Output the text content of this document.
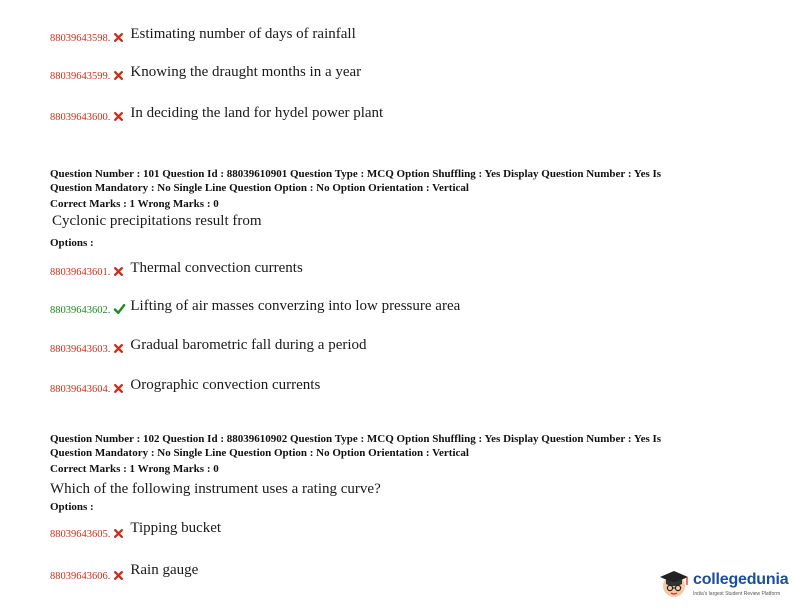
88039643598. Estimating number of days of rainfall
88039643599. Knowing the draught months in a year
88039643600. In deciding the land for hydel power plant
Question Number : 101 Question Id : 88039610901 Question Type : MCQ Option Shuffling : Yes Display Question Number : Yes Is
Question Mandatory : No Single Line Question Option : No Option Orientation : Vertical
Correct Marks : 1 Wrong Marks : 0
Cyclonic precipitations result from
Options :
88039643601. Thermal convection currents
88039643602. Lifting of air masses converzing into low pressure area
88039643603. Gradual barometric fall during a period
88039643604. Orographic convection currents
Question Number : 102 Question Id : 88039610902 Question Type : MCQ Option Shuffling : Yes Display Question Number : Yes Is
Question Mandatory : No Single Line Question Option : No Option Orientation : Vertical
Correct Marks : 1 Wrong Marks : 0
Which of the following instrument uses a rating curve?
Options :
88039643605. Tipping bucket
88039643606. Rain gauge
collegedunia
India's largest Student Review Platform
